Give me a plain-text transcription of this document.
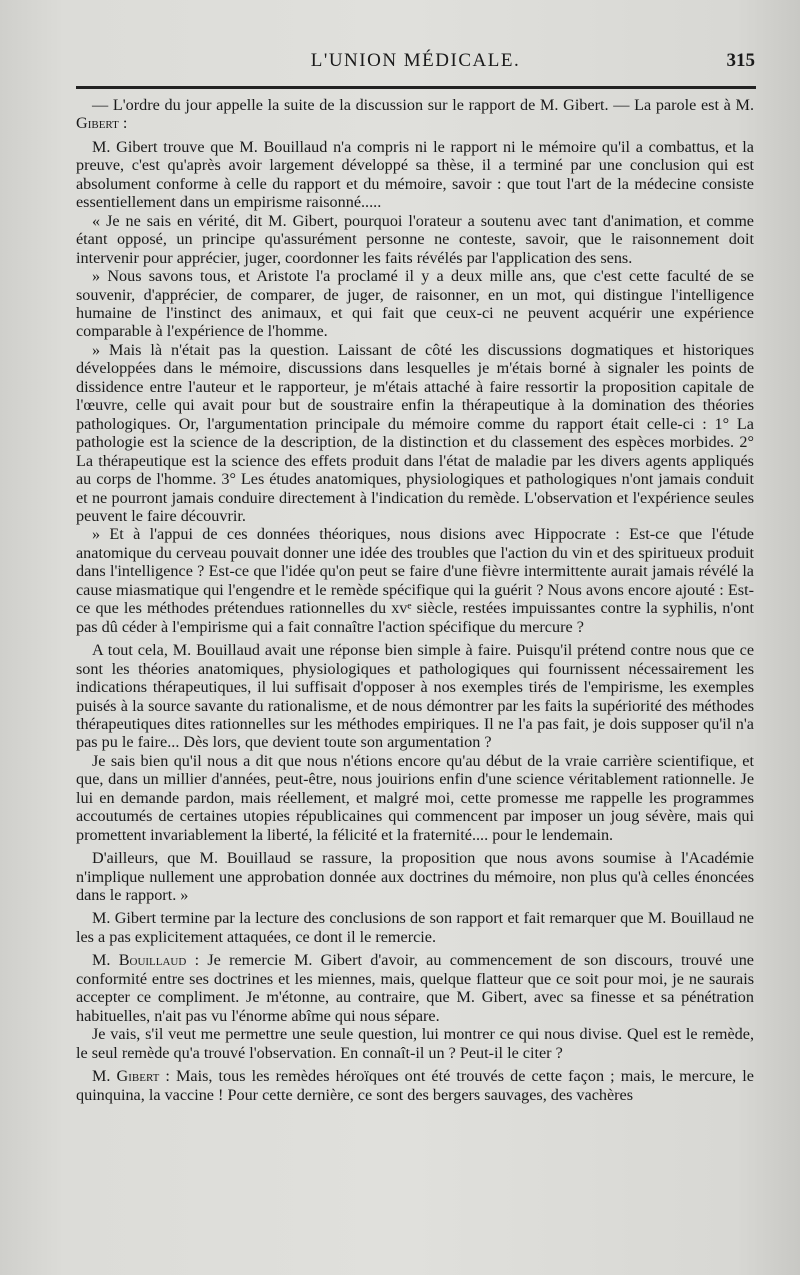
L'UNION MÉDICALE.	315

— L'ordre du jour appelle la suite de la discussion sur le rapport de M. Gibert. — La parole est à M. Gibert :

M. Gibert trouve que M. Bouillaud n'a compris ni le rapport ni le mémoire qu'il a combattus, et la preuve, c'est qu'après avoir largement développé sa thèse, il a terminé par une conclusion qui est absolument conforme à celle du rapport et du mémoire, savoir : que tout l'art de la médecine consiste essentiellement dans un empirisme raisonné.....

« Je ne sais en vérité, dit M. Gibert, pourquoi l'orateur a soutenu avec tant d'animation, et comme étant opposé, un principe qu'assurément personne ne conteste, savoir, que le raisonnement doit intervenir pour apprécier, juger, coordonner les faits révélés par l'application des sens.

» Nous savons tous, et Aristote l'a proclamé il y a deux mille ans, que c'est cette faculté de se souvenir, d'apprécier, de comparer, de juger, de raisonner, en un mot, qui distingue l'intelligence humaine de l'instinct des animaux, et qui fait que ceux-ci ne peuvent acquérir une expérience comparable à l'expérience de l'homme.

» Mais là n'était pas la question. Laissant de côté les discussions dogmatiques et historiques développées dans le mémoire, discussions dans lesquelles je m'étais borné à signaler les points de dissidence entre l'auteur et le rapporteur, je m'étais attaché à faire ressortir la proposition capitale de l'œuvre, celle qui avait pour but de soustraire enfin la thérapeutique à la domination des théories pathologiques. Or, l'argumentation principale du mémoire comme du rapport était celle-ci : 1° La pathologie est la science de la description, de la distinction et du classement des espèces morbides. 2° La thérapeutique est la science des effets produit dans l'état de maladie par les divers agents appliqués au corps de l'homme. 3° Les études anatomiques, physiologiques et pathologiques n'ont jamais conduit et ne pourront jamais conduire directement à l'indication du remède. L'observation et l'expérience seules peuvent le faire découvrir.

» Et à l'appui de ces données théoriques, nous disions avec Hippocrate : Est-ce que l'étude anatomique du cerveau pouvait donner une idée des troubles que l'action du vin et des spiritueux produit dans l'intelligence ? Est-ce que l'idée qu'on peut se faire d'une fièvre intermittente aurait jamais révélé la cause miasmatique qui l'engendre et le remède spécifique qui la guérit ? Nous avons encore ajouté : Est-ce que les méthodes prétendues rationnelles du xvᵉ siècle, restées impuissantes contre la syphilis, n'ont pas dû céder à l'empirisme qui a fait connaître l'action spécifique du mercure ?

A tout cela, M. Bouillaud avait une réponse bien simple à faire. Puisqu'il prétend contre nous que ce sont les théories anatomiques, physiologiques et pathologiques qui fournissent nécessairement les indications thérapeutiques, il lui suffisait d'opposer à nos exemples tirés de l'empirisme, les exemples puisés à la source savante du rationalisme, et de nous démontrer par les faits la supériorité des méthodes thérapeutiques dites rationnelles sur les méthodes empiriques. Il ne l'a pas fait, je dois supposer qu'il n'a pas pu le faire... Dès lors, que devient toute son argumentation ?

Je sais bien qu'il nous a dit que nous n'étions encore qu'au début de la vraie carrière scientifique, et que, dans un millier d'années, peut-être, nous jouirions enfin d'une science véritablement rationnelle. Je lui en demande pardon, mais réellement, et malgré moi, cette promesse me rappelle les programmes accoutumés de certaines utopies républicaines qui commencent par imposer un joug sévère, mais qui promettent invariablement la liberté, la félicité et la fraternité.... pour le lendemain.

D'ailleurs, que M. Bouillaud se rassure, la proposition que nous avons soumise à l'Académie n'implique nullement une approbation donnée aux doctrines du mémoire, non plus qu'à celles énoncées dans le rapport. »

M. Gibert termine par la lecture des conclusions de son rapport et fait remarquer que M. Bouillaud ne les a pas explicitement attaquées, ce dont il le remercie.

M. Bouillaud : Je remercie M. Gibert d'avoir, au commencement de son discours, trouvé une conformité entre ses doctrines et les miennes, mais, quelque flatteur que ce soit pour moi, je ne saurais accepter ce compliment. Je m'étonne, au contraire, que M. Gibert, avec sa finesse et sa pénétration habituelles, n'ait pas vu l'énorme abîme qui nous sépare.

Je vais, s'il veut me permettre une seule question, lui montrer ce qui nous divise. Quel est le remède, le seul remède qu'a trouvé l'observation. En connaît-il un ? Peut-il le citer ?

M. Gibert : Mais, tous les remèdes héroïques ont été trouvés de cette façon ; mais, le mercure, le quinquina, la vaccine ! Pour cette dernière, ce sont des bergers sauvages, des vachères
